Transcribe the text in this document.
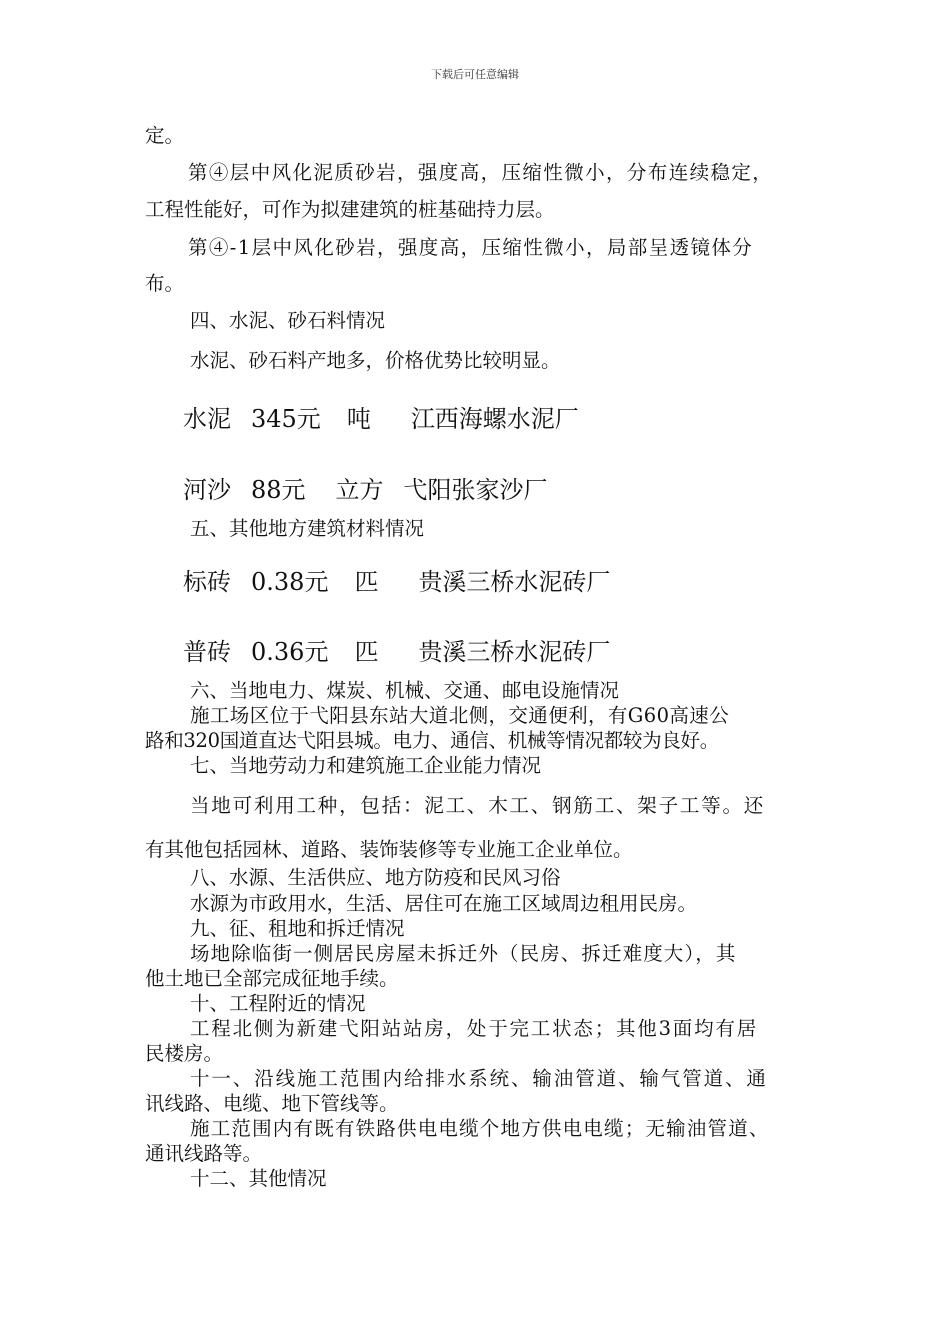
下载后可任意编辑
定。
第④层中风化泥质砂岩，强度高，压缩性微小，分布连续稳定，
工程性能好，可作为拟建建筑的桩基础持力层。
第④-1层中风化砂岩，强度高，压缩性微小，局部呈透镜体分
布。
四、水泥、砂石料情况
水泥、砂石料产地多，价格优势比较明显。
水泥 345元 吨 江西海螺水泥厂
河沙 88元 立方 弋阳张家沙厂
五、其他地方建筑材料情况
标砖 0.38元 匹 贵溪三桥水泥砖厂
普砖 0.36元 匹 贵溪三桥水泥砖厂
六、当地电力、煤炭、机械、交通、邮电设施情况
施工场区位于弋阳县东站大道北侧，交通便利，有G60高速公
路和320国道直达弋阳县城。电力、通信、机械等情况都较为良好。
七、当地劳动力和建筑施工企业能力情况
当地可利用工种，包括：泥工、木工、钢筋工、架子工等。还
有其他包括园林、道路、装饰装修等专业施工企业单位。
八、水源、生活供应、地方防疫和民风习俗
水源为市政用水，生活、居住可在施工区域周边租用民房。
九、征、租地和拆迁情况
场地除临街一侧居民房屋未拆迁外（民房、拆迁难度大），其
他土地已全部完成征地手续。
十、工程附近的情况
工程北侧为新建弋阳站站房，处于完工状态；其他3面均有居
民楼房。
十一、沿线施工范围内给排水系统、输油管道、输气管道、通
讯线路、电缆、地下管线等。
施工范围内有既有铁路供电电缆个地方供电电缆；无输油管道、
通讯线路等。
十二、其他情况
